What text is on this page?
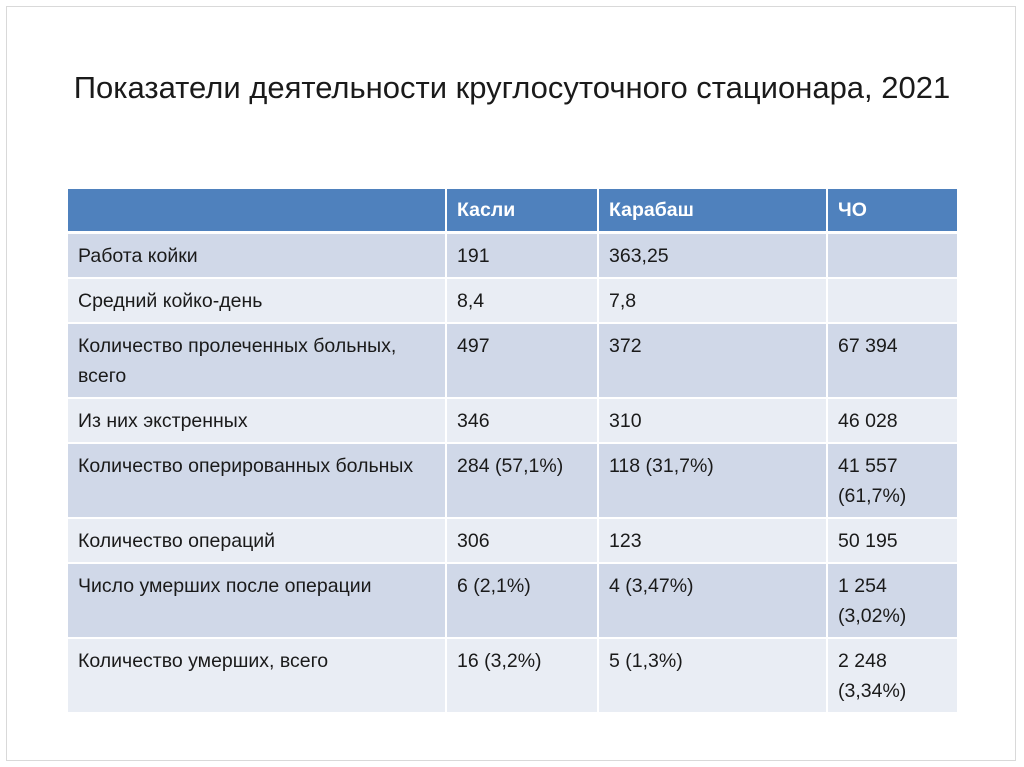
Показатели деятельности круглосуточного стационара, 2021
	Касли	Карабаш	ЧО
Работа койки	191	363,25	
Средний койко-день	8,4	7,8	
Количество пролеченных больных, всего	497	372	67 394
Из них экстренных	346	310	46 028
Количество оперированных больных	284 (57,1%)	118 (31,7%)	41 557 (61,7%)
Количество операций	306	123	50 195
Число умерших после операции	6 (2,1%)	4 (3,47%)	1 254 (3,02%)
Количество умерших, всего	16 (3,2%)	5 (1,3%)	2 248 (3,34%)
